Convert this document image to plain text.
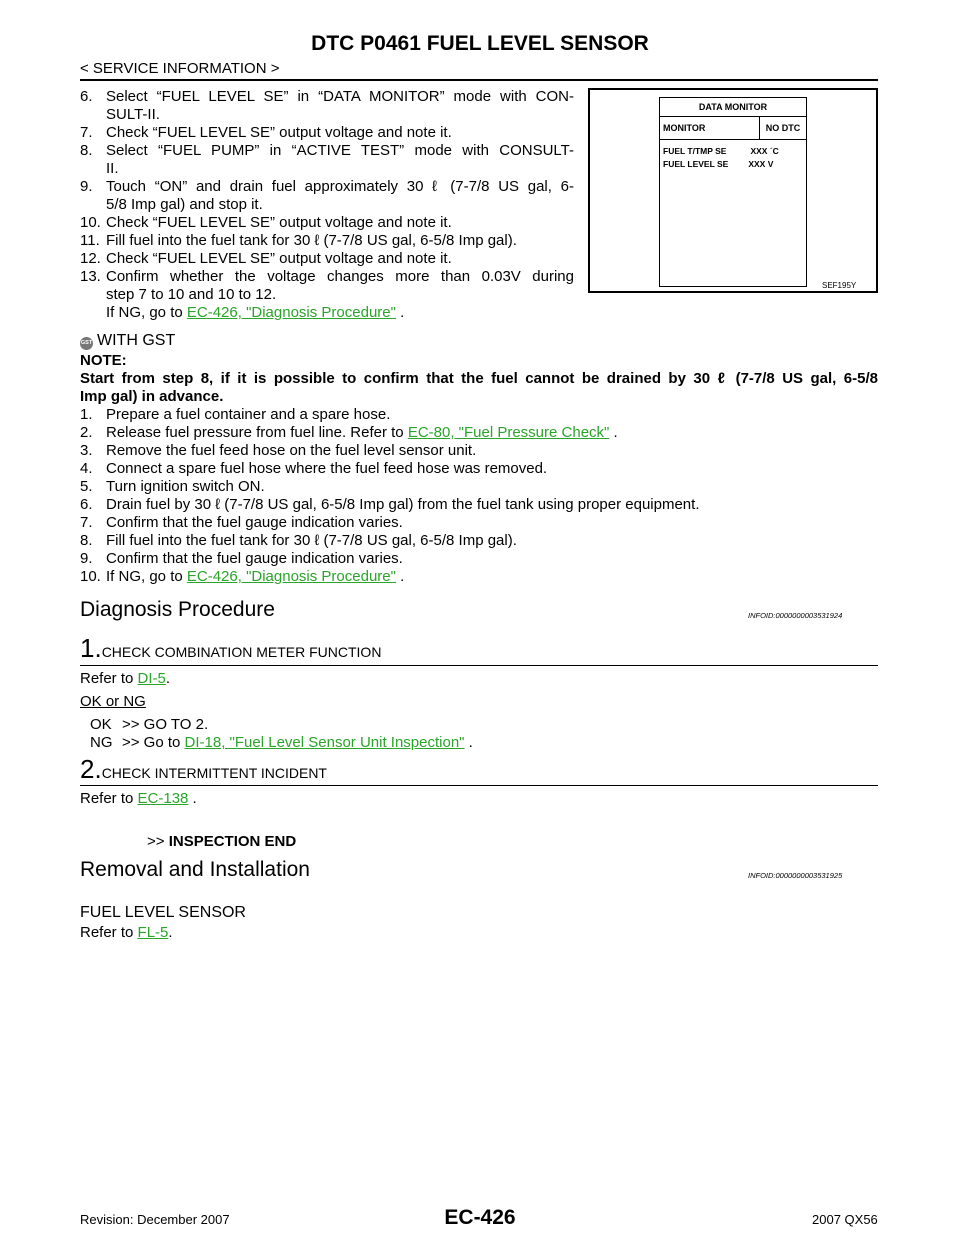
DTC P0461 FUEL LEVEL SENSOR
< SERVICE INFORMATION >
DATA MONITOR
MONITOR	NO DTC
FUEL T/TMP SE	XXX ´C
FUEL LEVEL SE XXX V
SEF195Y
6. Select “FUEL LEVEL SE” in “DATA MONITOR” mode with CON-
SULT-II.
7. Check “FUEL LEVEL SE” output voltage and note it.
8. Select “FUEL PUMP” in “ACTIVE TEST” mode with CONSULT-
II.
9. Touch “ON” and drain fuel approximately 30 ℓ (7-7/8 US gal, 6-
5/8 Imp gal) and stop it.
10. Check “FUEL LEVEL SE” output voltage and note it.
11. Fill fuel into the fuel tank for 30 ℓ (7-7/8 US gal, 6-5/8 Imp gal).
12. Check “FUEL LEVEL SE” output voltage and note it.
13. Confirm whether the voltage changes more than 0.03V during
step 7 to 10 and 10 to 12.
If NG, go to EC-426, "Diagnosis Procedure" .
GST WITH GST
NOTE:
Start from step 8, if it is possible to confirm that the fuel cannot be drained by 30 ℓ (7-7/8 US gal, 6-5/8
Imp gal) in advance.
1. Prepare a fuel container and a spare hose.
2. Release fuel pressure from fuel line. Refer to EC-80, "Fuel Pressure Check" .
3. Remove the fuel feed hose on the fuel level sensor unit.
4. Connect a spare fuel hose where the fuel feed hose was removed.
5. Turn ignition switch ON.
6. Drain fuel by 30 ℓ (7-7/8 US gal, 6-5/8 Imp gal) from the fuel tank using proper equipment.
7. Confirm that the fuel gauge indication varies.
8. Fill fuel into the fuel tank for 30 ℓ (7-7/8 US gal, 6-5/8 Imp gal).
9. Confirm that the fuel gauge indication varies.
10. If NG, go to EC-426, "Diagnosis Procedure" .
Diagnosis Procedure	INFOID:0000000003531924
1.CHECK COMBINATION METER FUNCTION
Refer to DI-5.
OK or NG
OK >> GO TO 2.
NG >> Go to DI-18, "Fuel Level Sensor Unit Inspection" .
2.CHECK INTERMITTENT INCIDENT
Refer to EC-138 .
>> INSPECTION END
Removal and Installation	INFOID:0000000003531925
FUEL LEVEL SENSOR
Refer to FL-5.
Revision: December 2007	EC-426	2007 QX56
